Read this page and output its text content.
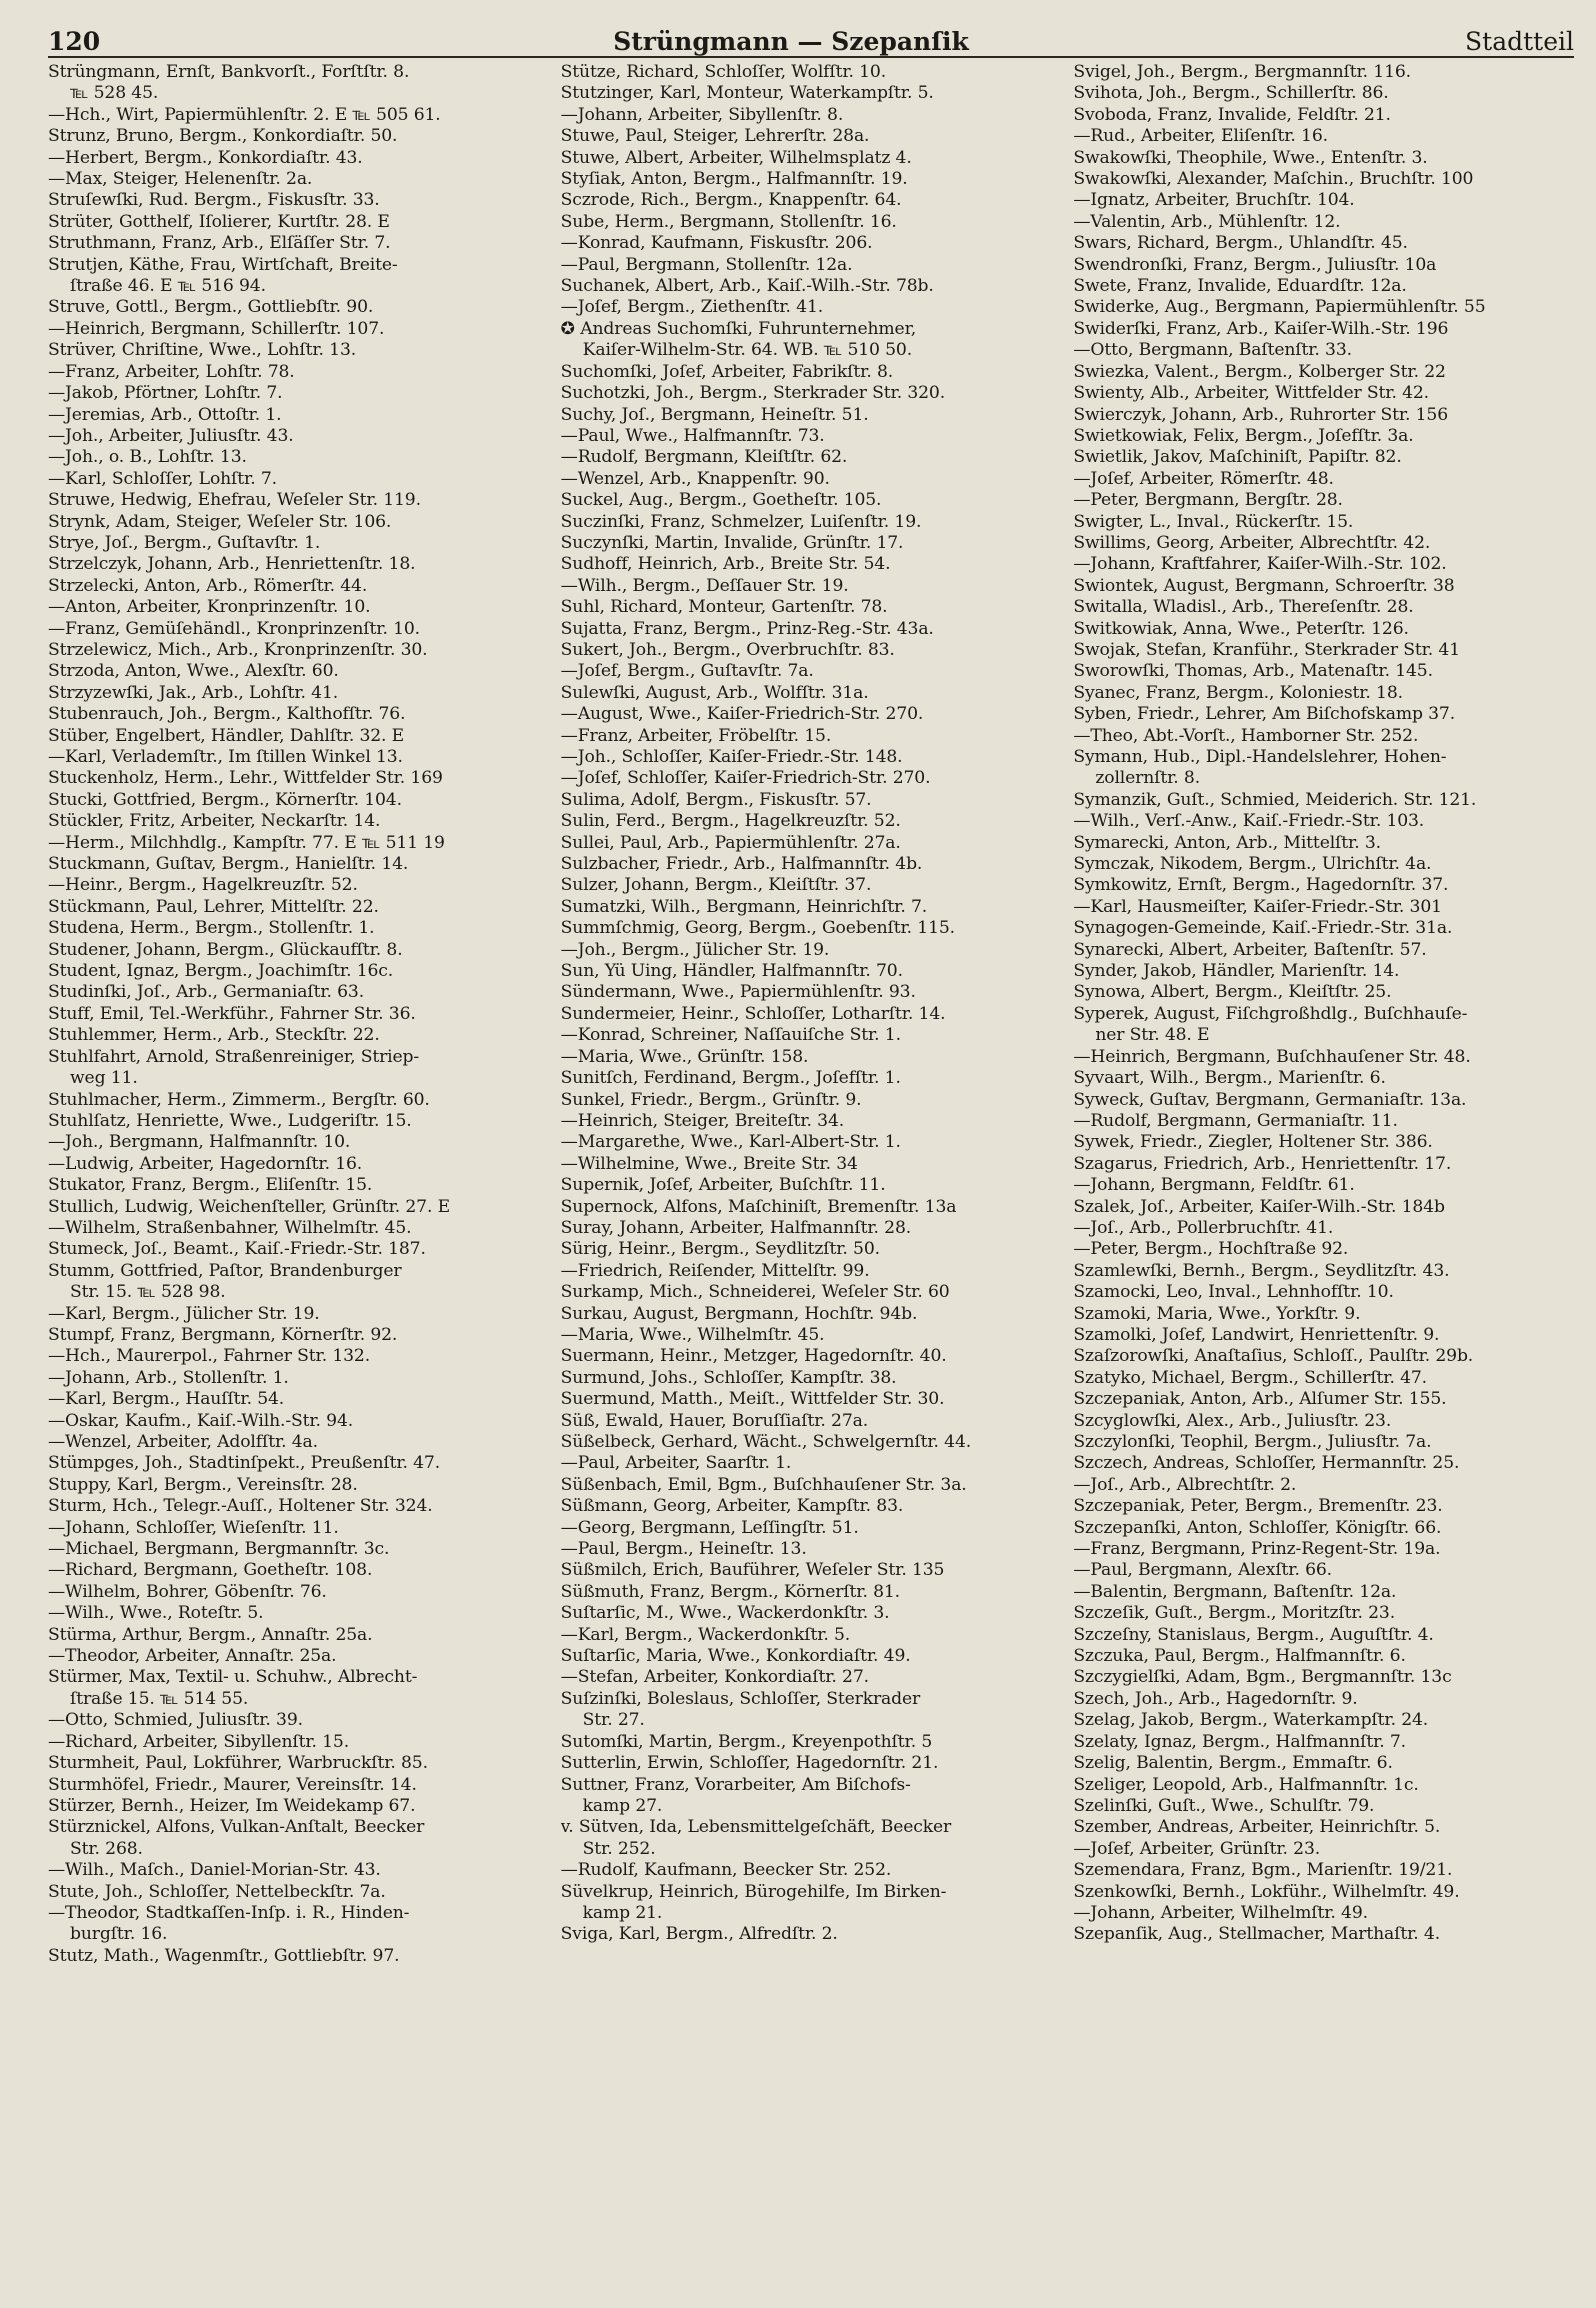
120	Strüngmann — Szepanſik	Stadtteil
Strüngmann, Ernſt, Bankvorſt., Forſtſtr. 8.
℡ 528 45.
—Hch., Wirt, Papiermühlenſtr. 2. E ℡ 505 61.
Strunz, Bruno, Bergm., Konkordiaſtr. 50.
—Herbert, Bergm., Konkordiaſtr. 43.
—Max, Steiger, Helenenſtr. 2a.
Struſewſki, Rud. Bergm., Fiskusſtr. 33.
Strüter, Gotthelf, Iſolierer, Kurtſtr. 28. E
Struthmann, Franz, Arb., Elſäſſer Str. 7.
Strutjen, Käthe, Frau, Wirtſchaft, Breite-
ſtraße 46. E ℡ 516 94.
Struve, Gottl., Bergm., Gottliebſtr. 90.
—Heinrich, Bergmann, Schillerſtr. 107.
Strüver, Chriſtine, Wwe., Lohſtr. 13.
—Franz, Arbeiter, Lohſtr. 78.
—Jakob, Pförtner, Lohſtr. 7.
—Jeremias, Arb., Ottoſtr. 1.
—Joh., Arbeiter, Juliusſtr. 43.
—Joh., o. B., Lohſtr. 13.
—Karl, Schloſſer, Lohſtr. 7.
Struwe, Hedwig, Ehefrau, Weſeler Str. 119.
Strynk, Adam, Steiger, Weſeler Str. 106.
Strye, Joſ., Bergm., Guſtavſtr. 1.
Strzelczyk, Johann, Arb., Henriettenſtr. 18.
Strzelecki, Anton, Arb., Römerſtr. 44.
—Anton, Arbeiter, Kronprinzenſtr. 10.
—Franz, Gemüſehändl., Kronprinzenſtr. 10.
Strzelewicz, Mich., Arb., Kronprinzenſtr. 30.
Strzoda, Anton, Wwe., Alexſtr. 60.
Strzyzewſki, Jak., Arb., Lohſtr. 41.
Stubenrauch, Joh., Bergm., Kalthofſtr. 76.
Stüber, Engelbert, Händler, Dahlſtr. 32. E
—Karl, Verlademſtr., Im ſtillen Winkel 13.
Stuckenholz, Herm., Lehr., Wittfelder Str. 169
Stucki, Gottfried, Bergm., Körnerſtr. 104.
Stückler, Fritz, Arbeiter, Neckarſtr. 14.
—Herm., Milchhdlg., Kampſtr. 77. E ℡ 511 19
Stuckmann, Guſtav, Bergm., Hanielſtr. 14.
—Heinr., Bergm., Hagelkreuzſtr. 52.
Stückmann, Paul, Lehrer, Mittelſtr. 22.
Studena, Herm., Bergm., Stollenſtr. 1.
Studener, Johann, Bergm., Glückaufſtr. 8.
Student, Ignaz, Bergm., Joachimſtr. 16c.
Studinſki, Joſ., Arb., Germaniaſtr. 63.
Stuff, Emil, Tel.-Werkführ., Fahrner Str. 36.
Stuhlemmer, Herm., Arb., Steckſtr. 22.
Stuhlfahrt, Arnold, Straßenreiniger, Striep-
weg 11.
Stuhlmacher, Herm., Zimmerm., Bergſtr. 60.
Stuhlſatz, Henriette, Wwe., Ludgeriſtr. 15.
—Joh., Bergmann, Halfmannſtr. 10.
—Ludwig, Arbeiter, Hagedornſtr. 16.
Stukator, Franz, Bergm., Eliſenſtr. 15.
Stullich, Ludwig, Weichenſteller, Grünſtr. 27. E
—Wilhelm, Straßenbahner, Wilhelmſtr. 45.
Stumeck, Joſ., Beamt., Kaiſ.-Friedr.-Str. 187.
Stumm, Gottfried, Paſtor, Brandenburger
Str. 15. ℡ 528 98.
—Karl, Bergm., Jülicher Str. 19.
Stumpf, Franz, Bergmann, Körnerſtr. 92.
—Hch., Maurerpol., Fahrner Str. 132.
—Johann, Arb., Stollenſtr. 1.
—Karl, Bergm., Hauſſtr. 54.
—Oskar, Kaufm., Kaiſ.-Wilh.-Str. 94.
—Wenzel, Arbeiter, Adolfſtr. 4a.
Stümpges, Joh., Stadtinſpekt., Preußenſtr. 47.
Stuppy, Karl, Bergm., Vereinsſtr. 28.
Sturm, Hch., Telegr.-Auſſ., Holtener Str. 324.
—Johann, Schloſſer, Wieſenſtr. 11.
—Michael, Bergmann, Bergmannſtr. 3c.
—Richard, Bergmann, Goetheſtr. 108.
—Wilhelm, Bohrer, Göbenſtr. 76.
—Wilh., Wwe., Roteſtr. 5.
Stürma, Arthur, Bergm., Annaſtr. 25a.
—Theodor, Arbeiter, Annaſtr. 25a.
Stürmer, Max, Textil- u. Schuhw., Albrecht-
ſtraße 15. ℡ 514 55.
—Otto, Schmied, Juliusſtr. 39.
—Richard, Arbeiter, Sibyllenſtr. 15.
Sturmheit, Paul, Lokführer, Warbruckſtr. 85.
Sturmhöfel, Friedr., Maurer, Vereinsſtr. 14.
Stürzer, Bernh., Heizer, Im Weidekamp 67.
Stürznickel, Alfons, Vulkan-Anſtalt, Beecker
Str. 268.
—Wilh., Maſch., Daniel-Morian-Str. 43.
Stute, Joh., Schloſſer, Nettelbeckſtr. 7a.
—Theodor, Stadtkaſſen-Inſp. i. R., Hinden-
burgſtr. 16.
Stutz, Math., Wagenmſtr., Gottliebſtr. 97.
Stütze, Richard, Schloſſer, Wolfſtr. 10.
Stutzinger, Karl, Monteur, Waterkampſtr. 5.
—Johann, Arbeiter, Sibyllenſtr. 8.
Stuwe, Paul, Steiger, Lehrerſtr. 28a.
Stuwe, Albert, Arbeiter, Wilhelmsplatz 4.
Styſiak, Anton, Bergm., Halfmannſtr. 19.
Sczrode, Rich., Bergm., Knappenſtr. 64.
Sube, Herm., Bergmann, Stollenſtr. 16.
—Konrad, Kaufmann, Fiskusſtr. 206.
—Paul, Bergmann, Stollenſtr. 12a.
Suchanek, Albert, Arb., Kaiſ.-Wilh.-Str. 78b.
—Joſef, Bergm., Ziethenſtr. 41.
✪ Andreas Suchomſki, Fuhrunternehmer,
Kaiſer-Wilhelm-Str. 64. WB. ℡ 510 50.
Suchomſki, Joſef, Arbeiter, Fabrikſtr. 8.
Suchotzki, Joh., Bergm., Sterkrader Str. 320.
Suchy, Joſ., Bergmann, Heineſtr. 51.
—Paul, Wwe., Halfmannſtr. 73.
—Rudolf, Bergmann, Kleiſtſtr. 62.
—Wenzel, Arb., Knappenſtr. 90.
Suckel, Aug., Bergm., Goetheſtr. 105.
Suczinſki, Franz, Schmelzer, Luiſenſtr. 19.
Suczynſki, Martin, Invalide, Grünſtr. 17.
Sudhoff, Heinrich, Arb., Breite Str. 54.
—Wilh., Bergm., Deſſauer Str. 19.
Suhl, Richard, Monteur, Gartenſtr. 78.
Sujatta, Franz, Bergm., Prinz-Reg.-Str. 43a.
Sukert, Joh., Bergm., Overbruchſtr. 83.
—Joſef, Bergm., Guſtavſtr. 7a.
Sulewſki, August, Arb., Wolfſtr. 31a.
—August, Wwe., Kaiſer-Friedrich-Str. 270.
—Franz, Arbeiter, Fröbelſtr. 15.
—Joh., Schloſſer, Kaiſer-Friedr.-Str. 148.
—Joſef, Schloſſer, Kaiſer-Friedrich-Str. 270.
Sulima, Adolf, Bergm., Fiskusſtr. 57.
Sulin, Ferd., Bergm., Hagelkreuzſtr. 52.
Sullei, Paul, Arb., Papiermühlenſtr. 27a.
Sulzbacher, Friedr., Arb., Halfmannſtr. 4b.
Sulzer, Johann, Bergm., Kleiſtſtr. 37.
Sumatzki, Wilh., Bergmann, Heinrichſtr. 7.
Summſchmig, Georg, Bergm., Goebenſtr. 115.
—Joh., Bergm., Jülicher Str. 19.
Sun, Yü Uing, Händler, Halfmannſtr. 70.
Sündermann, Wwe., Papiermühlenſtr. 93.
Sundermeier, Heinr., Schloſſer, Lotharſtr. 14.
—Konrad, Schreiner, Naſſauiſche Str. 1.
—Maria, Wwe., Grünſtr. 158.
Sunitſch, Ferdinand, Bergm., Joſefſtr. 1.
Sunkel, Friedr., Bergm., Grünſtr. 9.
—Heinrich, Steiger, Breiteſtr. 34.
—Margarethe, Wwe., Karl-Albert-Str. 1.
—Wilhelmine, Wwe., Breite Str. 34
Supernik, Joſef, Arbeiter, Buſchſtr. 11.
Supernock, Alfons, Maſchiniſt, Bremenſtr. 13a
Suray, Johann, Arbeiter, Halfmannſtr. 28.
Sürig, Heinr., Bergm., Seydlitzſtr. 50.
—Friedrich, Reiſender, Mittelſtr. 99.
Surkamp, Mich., Schneiderei, Weſeler Str. 60
Surkau, August, Bergmann, Hochſtr. 94b.
—Maria, Wwe., Wilhelmſtr. 45.
Suermann, Heinr., Metzger, Hagedornſtr. 40.
Surmund, Johs., Schloſſer, Kampſtr. 38.
Suermund, Matth., Meiſt., Wittfelder Str. 30.
Süß, Ewald, Hauer, Boruſſiaſtr. 27a.
Süßelbeck, Gerhard, Wächt., Schwelgernſtr. 44.
—Paul, Arbeiter, Saarſtr. 1.
Süßenbach, Emil, Bgm., Buſchhauſener Str. 3a.
Süßmann, Georg, Arbeiter, Kampſtr. 83.
—Georg, Bergmann, Leſſingſtr. 51.
—Paul, Bergm., Heineſtr. 13.
Süßmilch, Erich, Bauführer, Weſeler Str. 135
Süßmuth, Franz, Bergm., Körnerſtr. 81.
Suſtarſic, M., Wwe., Wackerdonkſtr. 3.
—Karl, Bergm., Wackerdonkſtr. 5.
Suſtarſic, Maria, Wwe., Konkordiaſtr. 49.
—Stefan, Arbeiter, Konkordiaſtr. 27.
Suſzinſki, Boleslaus, Schloſſer, Sterkrader
Str. 27.
Sutomſki, Martin, Bergm., Kreyenpothſtr. 5
Sutterlin, Erwin, Schloſſer, Hagedornſtr. 21.
Suttner, Franz, Vorarbeiter, Am Biſchofs-
kamp 27.
v. Sütven, Ida, Lebensmittelgeſchäft, Beecker
Str. 252.
—Rudolf, Kaufmann, Beecker Str. 252.
Süvelkrup, Heinrich, Bürogehilfe, Im Birken-
kamp 21.
Sviga, Karl, Bergm., Alfredſtr. 2.
Svigel, Joh., Bergm., Bergmannſtr. 116.
Svihota, Joh., Bergm., Schillerſtr. 86.
Svoboda, Franz, Invalide, Feldſtr. 21.
—Rud., Arbeiter, Eliſenſtr. 16.
Swakowſki, Theophile, Wwe., Entenſtr. 3.
Swakowſki, Alexander, Maſchin., Bruchſtr. 100
—Ignatz, Arbeiter, Bruchſtr. 104.
—Valentin, Arb., Mühlenſtr. 12.
Swars, Richard, Bergm., Uhlandſtr. 45.
Swendronſki, Franz, Bergm., Juliusſtr. 10a
Swete, Franz, Invalide, Eduardſtr. 12a.
Swiderke, Aug., Bergmann, Papiermühlenſtr. 55
Swiderſki, Franz, Arb., Kaiſer-Wilh.-Str. 196
—Otto, Bergmann, Baſtenſtr. 33.
Swiezka, Valent., Bergm., Kolberger Str. 22
Swienty, Alb., Arbeiter, Wittfelder Str. 42.
Swierczyk, Johann, Arb., Ruhrorter Str. 156
Swietkowiak, Felix, Bergm., Joſefſtr. 3a.
Swietlik, Jakov, Maſchiniſt, Papiſtr. 82.
—Joſef, Arbeiter, Römerſtr. 48.
—Peter, Bergmann, Bergſtr. 28.
Swigter, L., Inval., Rückerſtr. 15.
Swillims, Georg, Arbeiter, Albrechtſtr. 42.
—Johann, Kraftfahrer, Kaiſer-Wilh.-Str. 102.
Swiontek, August, Bergmann, Schroerſtr. 38
Switalla, Wladisl., Arb., Thereſenſtr. 28.
Switkowiak, Anna, Wwe., Peterſtr. 126.
Swojak, Stefan, Kranführ., Sterkrader Str. 41
Sworowſki, Thomas, Arb., Matenaſtr. 145.
Syanec, Franz, Bergm., Koloniestr. 18.
Syben, Friedr., Lehrer, Am Biſchofskamp 37.
—Theo, Abt.-Vorſt., Hamborner Str. 252.
Symann, Hub., Dipl.-Handelslehrer, Hohen-
zollernſtr. 8.
Symanzik, Guſt., Schmied, Meiderich. Str. 121.
—Wilh., Verſ.-Anw., Kaiſ.-Friedr.-Str. 103.
Symarecki, Anton, Arb., Mittelſtr. 3.
Symczak, Nikodem, Bergm., Ulrichſtr. 4a.
Symkowitz, Ernſt, Bergm., Hagedornſtr. 37.
—Karl, Hausmeiſter, Kaiſer-Friedr.-Str. 301
Synagogen-Gemeinde, Kaiſ.-Friedr.-Str. 31a.
Synarecki, Albert, Arbeiter, Baſtenſtr. 57.
Synder, Jakob, Händler, Marienſtr. 14.
Synowa, Albert, Bergm., Kleiſtſtr. 25.
Syperek, August, Fiſchgroßhdlg., Buſchhauſe-
ner Str. 48. E
—Heinrich, Bergmann, Buſchhauſener Str. 48.
Syvaart, Wilh., Bergm., Marienſtr. 6.
Syweck, Guſtav, Bergmann, Germaniaſtr. 13a.
—Rudolf, Bergmann, Germaniaſtr. 11.
Sywek, Friedr., Ziegler, Holtener Str. 386.
Szagarus, Friedrich, Arb., Henriettenſtr. 17.
—Johann, Bergmann, Feldſtr. 61.
Szalek, Joſ., Arbeiter, Kaiſer-Wilh.-Str. 184b
—Joſ., Arb., Pollerbruchſtr. 41.
—Peter, Bergm., Hochſtraße 92.
Szamlewſki, Bernh., Bergm., Seydlitzſtr. 43.
Szamocki, Leo, Inval., Lehnhofſtr. 10.
Szamoki, Maria, Wwe., Yorkſtr. 9.
Szamolki, Joſef, Landwirt, Henriettenſtr. 9.
Szaſzorowſki, Anaſtaſius, Schloſſ., Paulſtr. 29b.
Szatyko, Michael, Bergm., Schillerſtr. 47.
Szczepaniak, Anton, Arb., Alſumer Str. 155.
Szcyglowſki, Alex., Arb., Juliusſtr. 23.
Szczylonſki, Teophil, Bergm., Juliusſtr. 7a.
Szczech, Andreas, Schloſſer, Hermannſtr. 25.
—Joſ., Arb., Albrechtſtr. 2.
Szczepaniak, Peter, Bergm., Bremenſtr. 23.
Szczepanſki, Anton, Schloſſer, Königſtr. 66.
—Franz, Bergmann, Prinz-Regent-Str. 19a.
—Paul, Bergmann, Alexſtr. 66.
—Balentin, Bergmann, Baſtenſtr. 12a.
Szczeſik, Guſt., Bergm., Moritzſtr. 23.
Szczeſny, Stanislaus, Bergm., Auguſtſtr. 4.
Szczuka, Paul, Bergm., Halfmannſtr. 6.
Szczygielſki, Adam, Bgm., Bergmannſtr. 13c
Szech, Joh., Arb., Hagedornſtr. 9.
Szelag, Jakob, Bergm., Waterkampſtr. 24.
Szelaty, Ignaz, Bergm., Halfmannſtr. 7.
Szelig, Balentin, Bergm., Emmaſtr. 6.
Szeliger, Leopold, Arb., Halfmannſtr. 1c.
Szelinſki, Guſt., Wwe., Schulſtr. 79.
Szember, Andreas, Arbeiter, Heinrichſtr. 5.
—Joſef, Arbeiter, Grünſtr. 23.
Szemendara, Franz, Bgm., Marienſtr. 19/21.
Szenkowſki, Bernh., Lokführ., Wilhelmſtr. 49.
—Johann, Arbeiter, Wilhelmſtr. 49.
Szepanſik, Aug., Stellmacher, Marthaſtr. 4.
